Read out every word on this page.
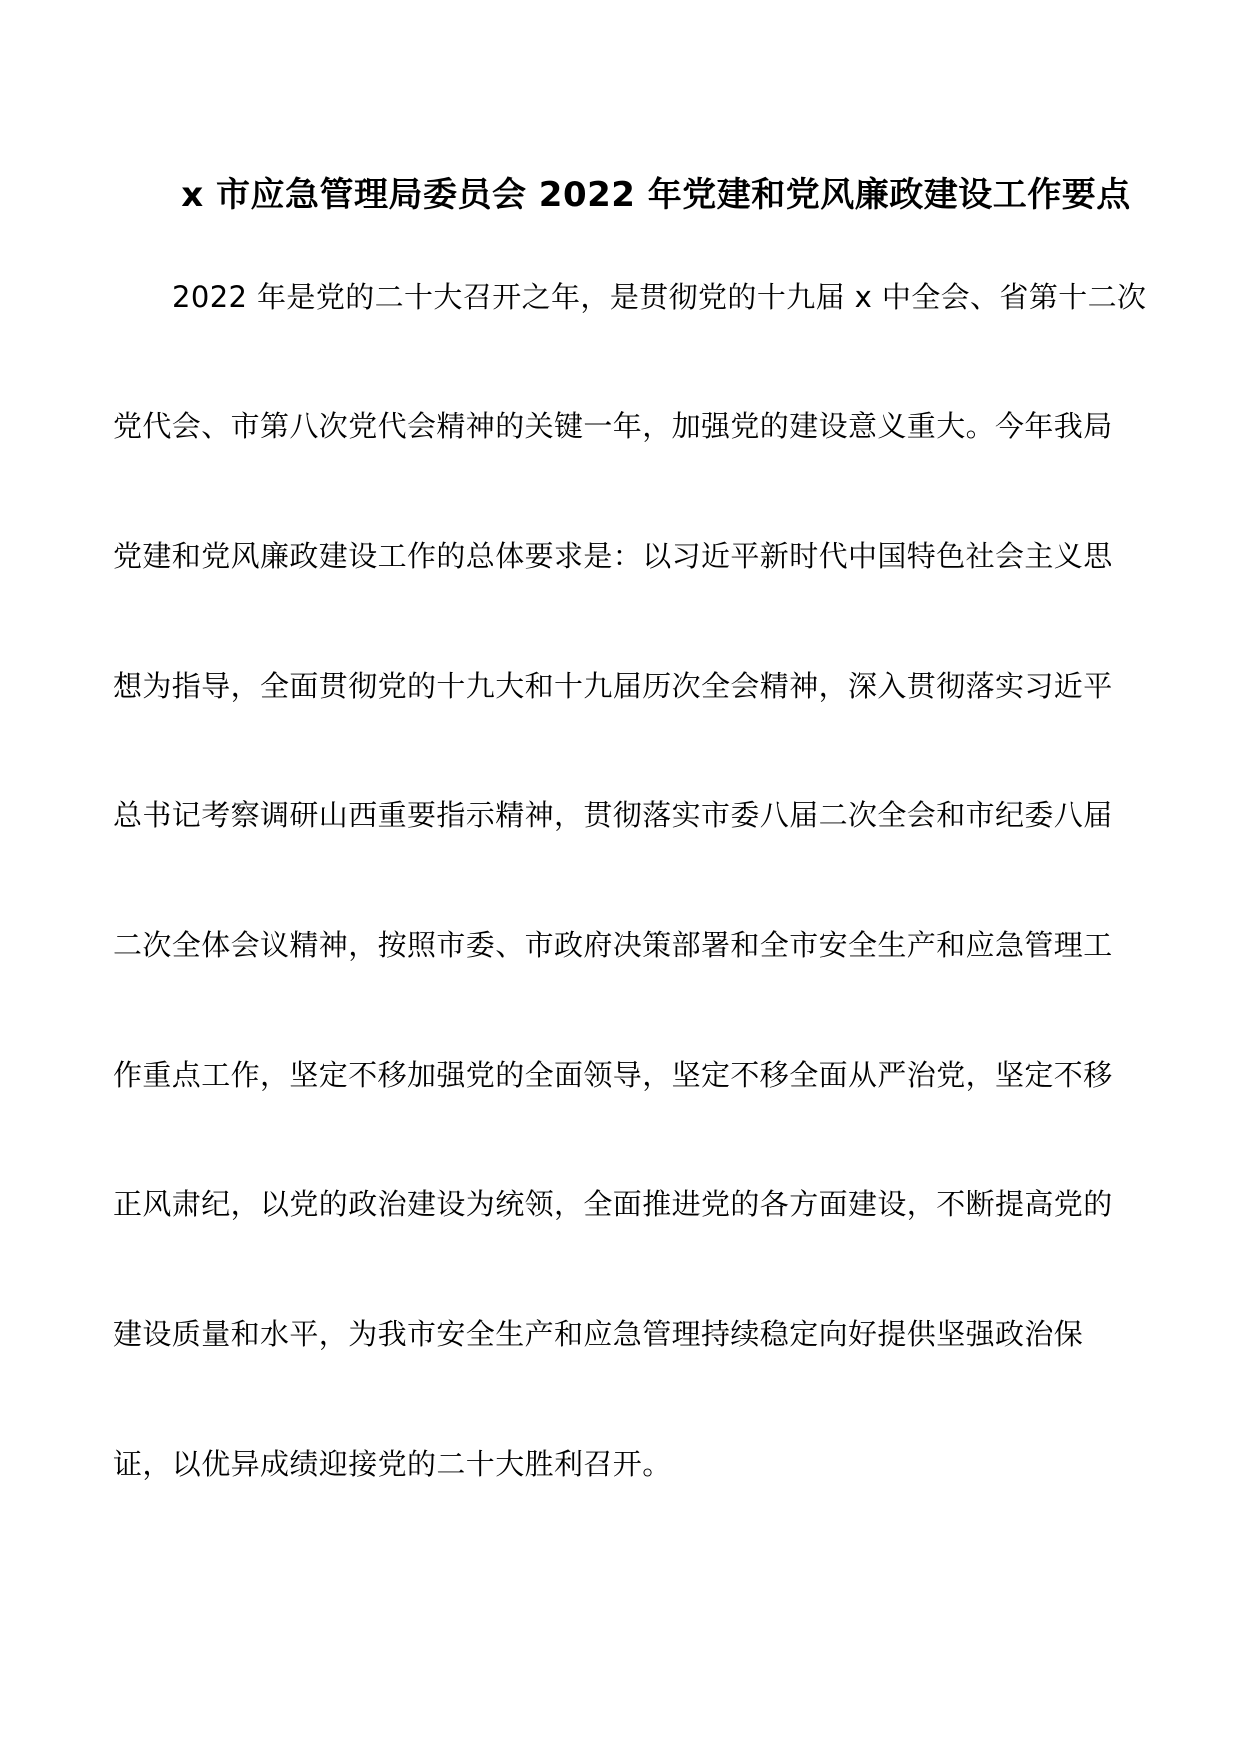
x 市应急管理局委员会 2022 年党建和党风廉政建设工作要点
2022 年是党的二十大召开之年，是贯彻党的十九届 x 中全会、省第十二次
党代会、市第八次党代会精神的关键一年，加强党的建设意义重大。今年我局
党建和党风廉政建设工作的总体要求是：以习近平新时代中国特色社会主义思
想为指导，全面贯彻党的十九大和十九届历次全会精神，深入贯彻落实习近平
总书记考察调研山西重要指示精神，贯彻落实市委八届二次全会和市纪委八届
二次全体会议精神，按照市委、市政府决策部署和全市安全生产和应急管理工
作重点工作，坚定不移加强党的全面领导，坚定不移全面从严治党，坚定不移
正风肃纪，以党的政治建设为统领，全面推进党的各方面建设，不断提高党的
建设质量和水平，为我市安全生产和应急管理持续稳定向好提供坚强政治保
证，以优异成绩迎接党的二十大胜利召开。
